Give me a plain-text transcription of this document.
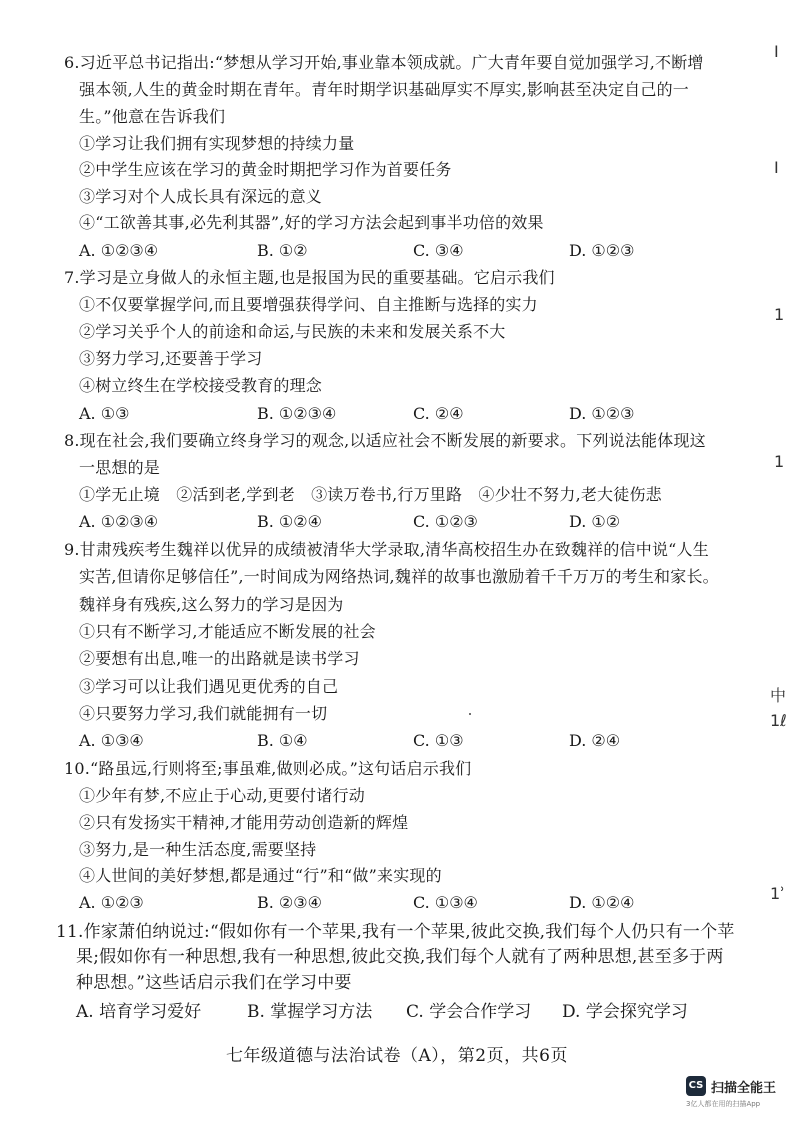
6.习近平总书记指出:“梦想从学习开始,事业靠本领成就。广大青年要自觉加强学习,不断增
强本领,人生的黄金时期在青年。青年时期学识基础厚实不厚实,影响甚至决定自己的一
生。”他意在告诉我们
①学习让我们拥有实现梦想的持续力量
②中学生应该在学习的黄金时期把学习作为首要任务
③学习对个人成长具有深远的意义
④“工欲善其事,必先利其器”,好的学习方法会起到事半功倍的效果
A. ①②③④	B. ①②	C. ③④	D. ①②③
7.学习是立身做人的永恒主题,也是报国为民的重要基础。它启示我们
①不仅要掌握学问,而且要增强获得学问、自主推断与选择的实力
②学习关乎个人的前途和命运,与民族的未来和发展关系不大
③努力学习,还要善于学习
④树立终生在学校接受教育的理念
A. ①③	B. ①②③④	C. ②④	D. ①②③
8.现在社会,我们要确立终身学习的观念,以适应社会不断发展的新要求。下列说法能体现这
一思想的是
①学无止境　②活到老,学到老　③读万卷书,行万里路　④少壮不努力,老大徒伤悲
A. ①②③④	B. ①②④	C. ①②③	D. ①②
9.甘肃残疾考生魏祥以优异的成绩被清华大学录取,清华高校招生办在致魏祥的信中说“人生
实苦,但请你足够信任”,一时间成为网络热词,魏祥的故事也激励着千千万万的考生和家长。
魏祥身有残疾,这么努力的学习是因为
①只有不断学习,才能适应不断发展的社会
②要想有出息,唯一的出路就是读书学习
③学习可以让我们遇见更优秀的自己
④只要努力学习,我们就能拥有一切
A. ①③④	B. ①④	C. ①③	D. ②④
10.“路虽远,行则将至;事虽难,做则必成。”这句话启示我们
①少年有梦,不应止于心动,更要付诸行动
②只有发扬实干精神,才能用劳动创造新的辉煌
③努力,是一种生活态度,需要坚持
④人世间的美好梦想,都是通过“行”和“做”来实现的
A. ①②③	B. ②③④	C. ①③④	D. ①②④
11.作家萧伯纳说过:“假如你有一个苹果,我有一个苹果,彼此交换,我们每个人仍只有一个苹
果;假如你有一种思想,我有一种思想,彼此交换,我们每个人就有了两种思想,甚至多于两
种思想。”这些话启示我们在学习中要
A. 培育学习爱好	B. 掌握学习方法 C. 学会合作学习 D. 学会探究学习
七年级道德与法治试卷（A），第2页，共6页
I
I
1
1
中
1ℓ
1ʾ
CS 扫描全能王
3亿人都在用的扫描App
